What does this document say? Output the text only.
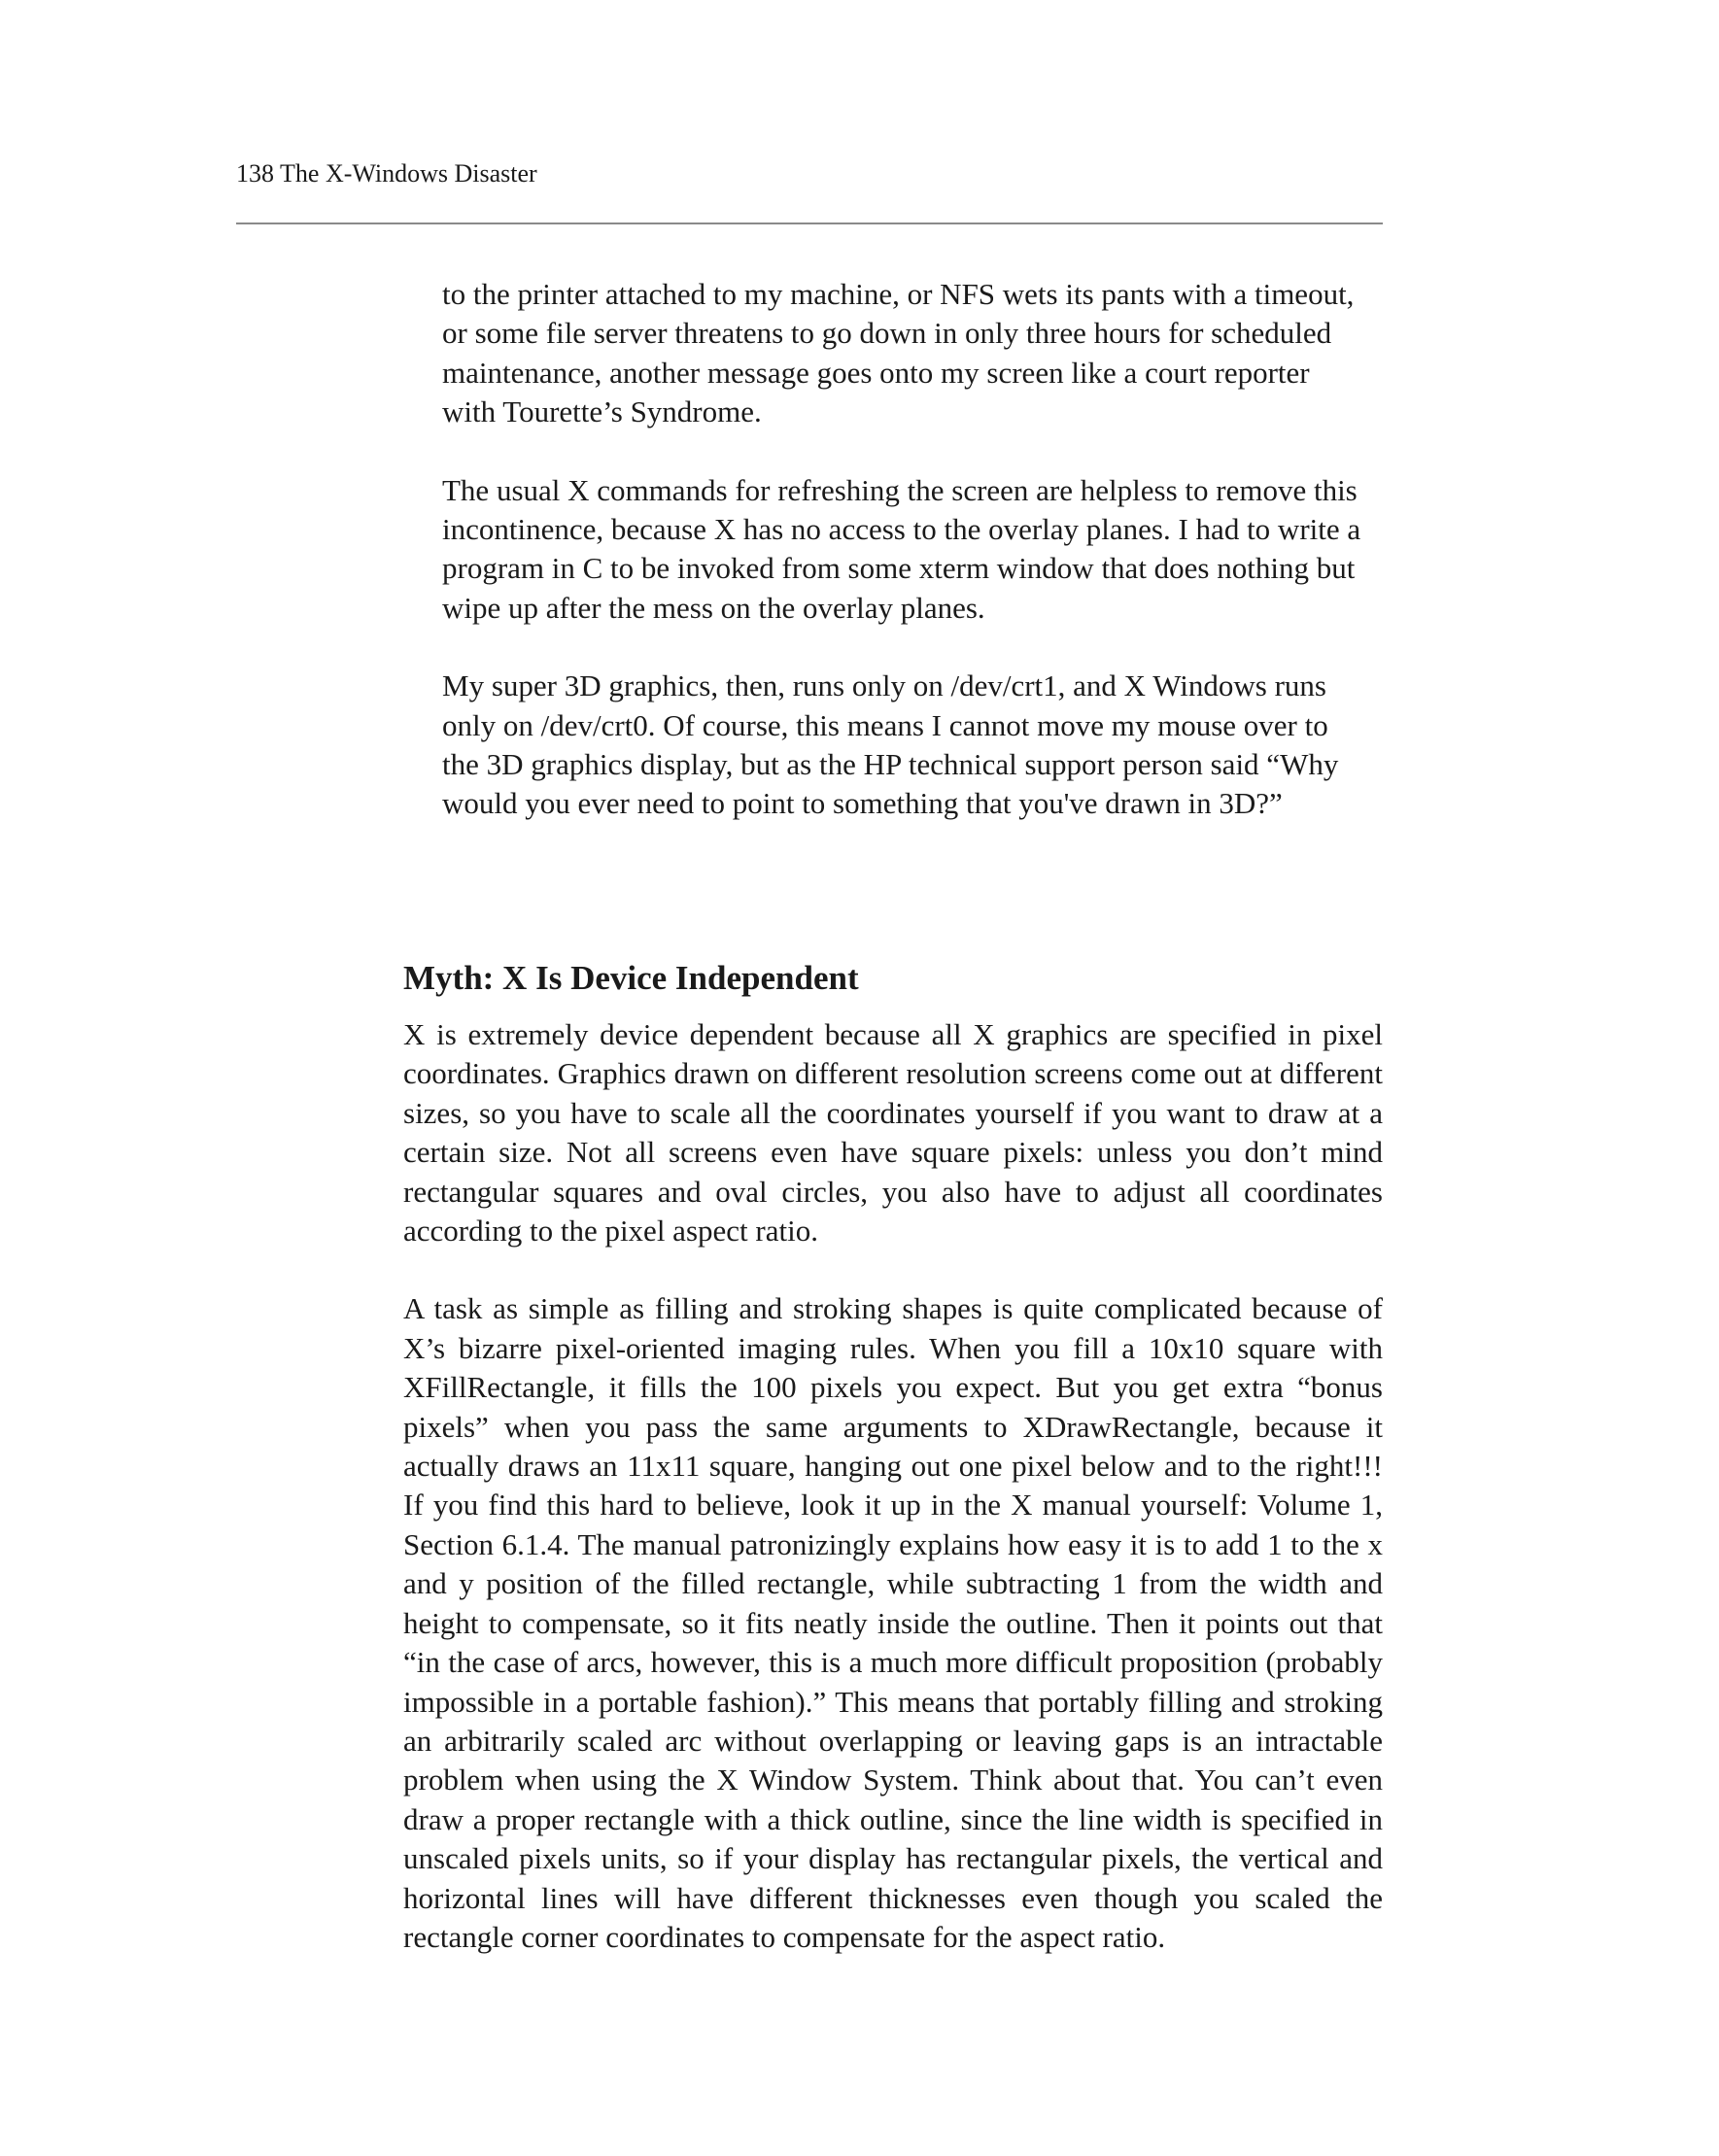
138 The X-Windows Disaster

to the printer attached to my machine, or NFS wets its pants with a timeout, or some file server threatens to go down in only three hours for scheduled maintenance, another message goes onto my screen like a court reporter with Tourette’s Syndrome.

The usual X commands for refreshing the screen are helpless to remove this incontinence, because X has no access to the overlay planes. I had to write a program in C to be invoked from some xterm window that does nothing but wipe up after the mess on the overlay planes.

My super 3D graphics, then, runs only on /dev/crt1, and X Windows runs only on /dev/crt0. Of course, this means I cannot move my mouse over to the 3D graphics display, but as the HP technical support person said “Why would you ever need to point to something that you've drawn in 3D?”

Myth: X Is Device Independent

X is extremely device dependent because all X graphics are specified in pixel coordinates. Graphics drawn on different resolution screens come out at different sizes, so you have to scale all the coordinates yourself if you want to draw at a certain size. Not all screens even have square pixels: unless you don’t mind rectangular squares and oval circles, you also have to adjust all coordinates according to the pixel aspect ratio.

A task as simple as filling and stroking shapes is quite complicated because of X’s bizarre pixel-oriented imaging rules. When you fill a 10x10 square with XFillRectangle, it fills the 100 pixels you expect. But you get extra “bonus pixels” when you pass the same arguments to XDrawRectangle, because it actually draws an 11x11 square, hanging out one pixel below and to the right!!! If you find this hard to believe, look it up in the X manual yourself: Volume 1, Section 6.1.4. The manual patronizingly explains how easy it is to add 1 to the x and y position of the filled rectangle, while subtracting 1 from the width and height to compensate, so it fits neatly inside the outline. Then it points out that “in the case of arcs, however, this is a much more difficult proposition (probably impossible in a portable fashion).” This means that portably filling and stroking an arbitrarily scaled arc without overlapping or leaving gaps is an intractable problem when using the X Window System. Think about that. You can’t even draw a proper rectangle with a thick outline, since the line width is specified in unscaled pixels units, so if your display has rectangular pixels, the vertical and horizontal lines will have different thicknesses even though you scaled the rectangle corner coordinates to compensate for the aspect ratio.
